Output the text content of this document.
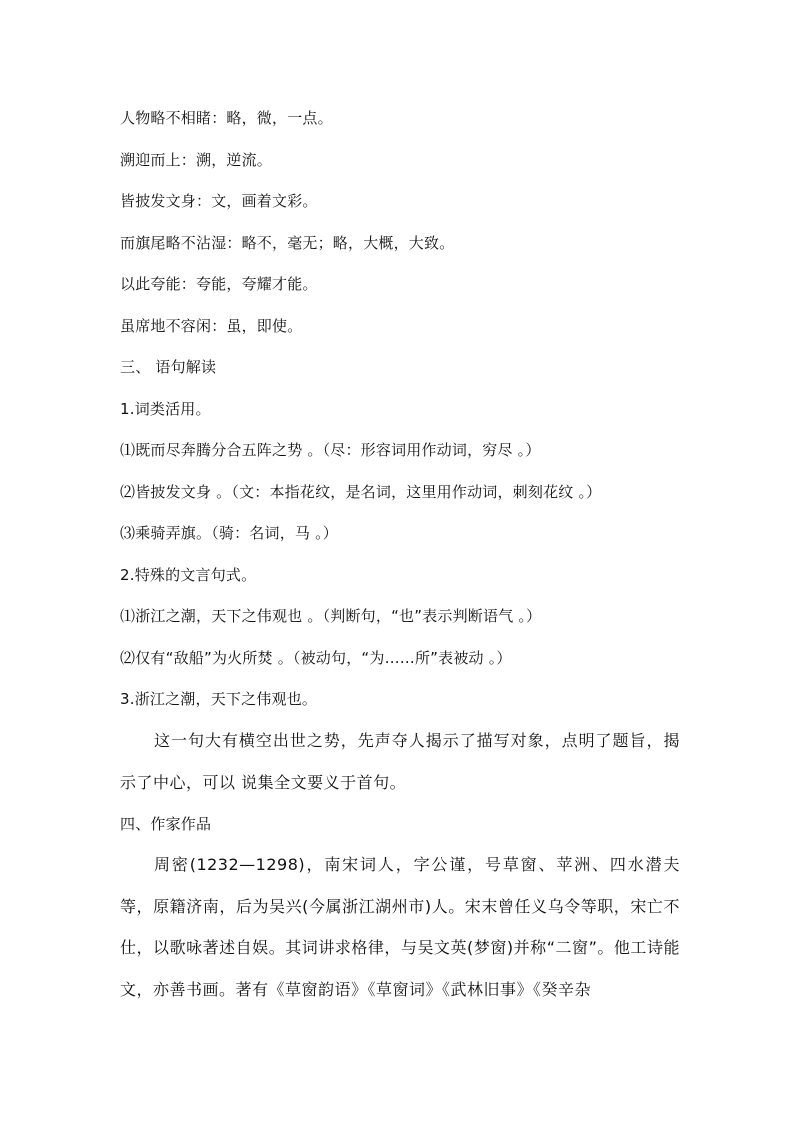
人物略不相睹：略，微，一点。
溯迎而上：溯，逆流。
皆披发文身：文，画着文彩。
而旗尾略不沾湿：略不，毫无；略，大概，大致。
以此夸能：夸能，夸耀才能。
虽席地不容闲：虽，即使。
三、 语句解读
1.词类活用。
⑴既而尽奔腾分合五阵之势 。（尽：形容词用作动词，穷尽 。）
⑵皆披发文身 。（文：本指花纹，是名词，这里用作动词，刺刻花纹 。）
⑶乘骑弄旗。（骑：名词，马 。）
2.特殊的文言句式。
⑴浙江之潮，天下之伟观也 。（判断句，“也”表示判断语气 。）
⑵仅有“敌船”为火所焚 。（被动句，“为……所”表被动 。）
3.浙江之潮，天下之伟观也。
这一句大有横空出世之势，先声夺人揭示了描写对象，点明了题旨，揭示了中心，可以 说集全文要义于首句。
四、作家作品
周密(1232—1298)，南宋词人，字公谨，号草窗、苹洲、四水潜夫等，原籍济南，后为吴兴(今属浙江湖州市)人。宋末曾任义乌令等职，宋亡不仕，以歌咏著述自娱。其词讲求格律，与吴文英(梦窗)并称“二窗”。他工诗能文，亦善书画。著有《草窗韵语》《草窗词》《武林旧事》《癸辛杂
